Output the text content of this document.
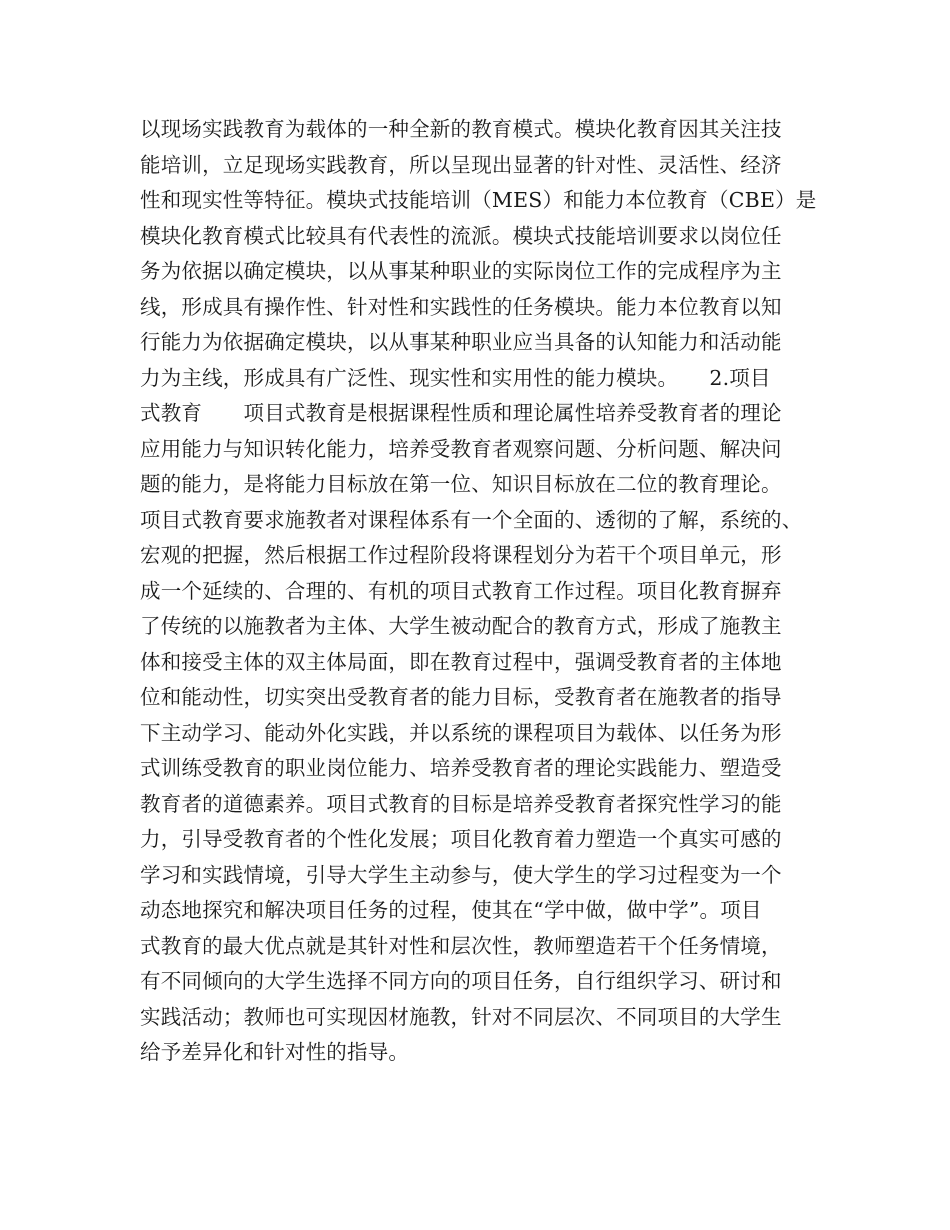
以现场实践教育为载体的一种全新的教育模式。模块化教育因其关注技
能培训，立足现场实践教育，所以呈现出显著的针对性、灵活性、经济
性和现实性等特征。模块式技能培训（MES）和能力本位教育（CBE）是
模块化教育模式比较具有代表性的流派。模块式技能培训要求以岗位任
务为依据以确定模块，以从事某种职业的实际岗位工作的完成程序为主
线，形成具有操作性、针对性和实践性的任务模块。能力本位教育以知
行能力为依据确定模块，以从事某种职业应当具备的认知能力和活动能
力为主线，形成具有广泛性、现实性和实用性的能力模块。　　2.项目
式教育　　项目式教育是根据课程性质和理论属性培养受教育者的理论
应用能力与知识转化能力，培养受教育者观察问题、分析问题、解决问
题的能力，是将能力目标放在第一位、知识目标放在二位的教育理论。
项目式教育要求施教者对课程体系有一个全面的、透彻的了解，系统的、
宏观的把握，然后根据工作过程阶段将课程划分为若干个项目单元，形
成一个延续的、合理的、有机的项目式教育工作过程。项目化教育摒弃
了传统的以施教者为主体、大学生被动配合的教育方式，形成了施教主
体和接受主体的双主体局面，即在教育过程中，强调受教育者的主体地
位和能动性，切实突出受教育者的能力目标，受教育者在施教者的指导
下主动学习、能动外化实践，并以系统的课程项目为载体、以任务为形
式训练受教育的职业岗位能力、培养受教育者的理论实践能力、塑造受
教育者的道德素养。项目式教育的目标是培养受教育者探究性学习的能
力，引导受教育者的个性化发展；项目化教育着力塑造一个真实可感的
学习和实践情境，引导大学生主动参与，使大学生的学习过程变为一个
动态地探究和解决项目任务的过程，使其在“学中做，做中学”。项目
式教育的最大优点就是其针对性和层次性，教师塑造若干个任务情境，
有不同倾向的大学生选择不同方向的项目任务，自行组织学习、研讨和
实践活动；教师也可实现因材施教，针对不同层次、不同项目的大学生
给予差异化和针对性的指导。
